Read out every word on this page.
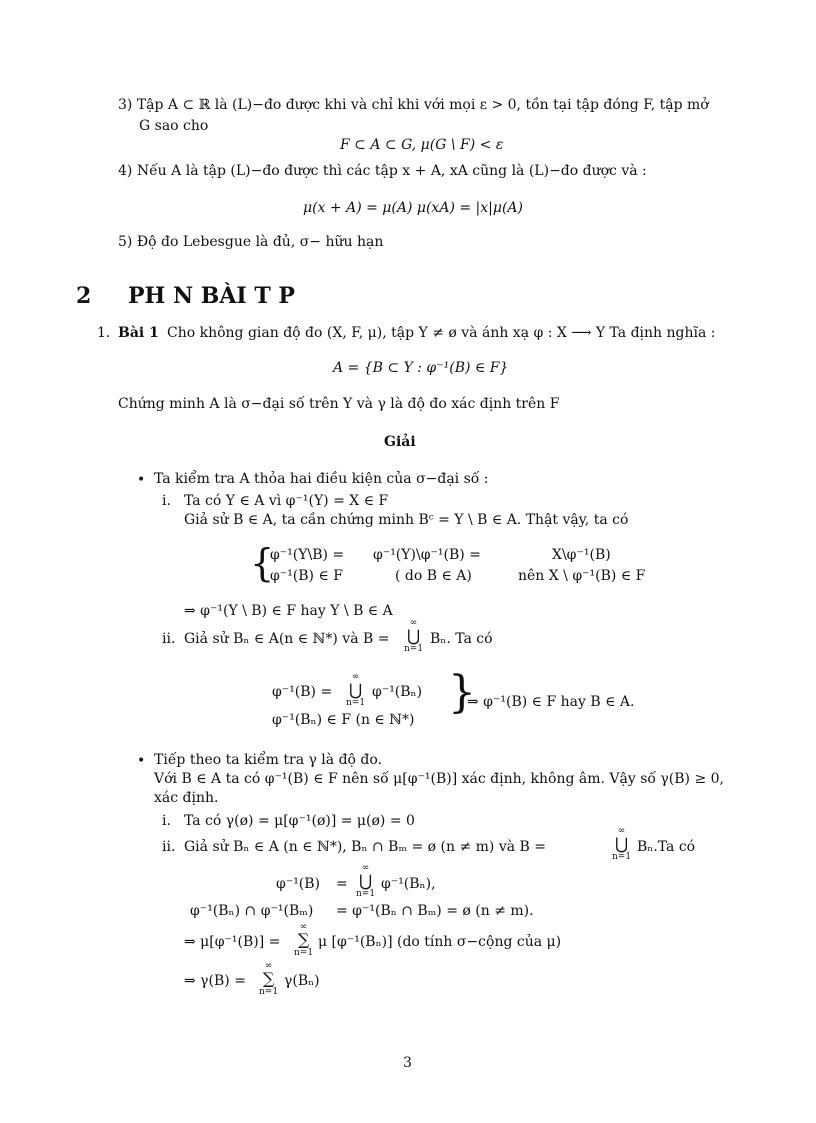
3) Tập A ⊂ ℝ là (L)−đo được khi và chỉ khi với mọi ε > 0, tồn tại tập đóng F, tập mở
G sao cho
F ⊂ A ⊂ G, μ(G \ F) < ε
4) Nếu A là tập (L)−đo được thì các tập x + A, xA cũng là (L)−đo được và :
μ(x + A) = μ(A) μ(xA) = |x|μ(A)
5) Độ đo Lebesgue là đủ, σ− hữu hạn
2 PH N BÀI T P
1. Bài 1 Cho không gian độ đo (X, F, μ), tập Y ≠ ø và ánh xạ φ : X ⟶ Y Ta định nghĩa :
A = {B ⊂ Y : φ⁻¹(B) ∈ F}
Chứng minh A là σ−đại số trên Y và γ là độ đo xác định trên F
Giải
• Ta kiểm tra A thỏa hai điều kiện của σ−đại số :
i. Ta có Y ∈ A vì φ⁻¹(Y) = X ∈ F
Giả sử B ∈ A, ta cần chứng minh Bᶜ = Y \ B ∈ A. Thật vậy, ta có
{
φ⁻¹(Y\B) = φ⁻¹(Y)\φ⁻¹(B) =	X\φ⁻¹(B)
φ⁻¹(B) ∈ F	( do B ∈ A)	nên X \ φ⁻¹(B) ∈ F
⇒ φ⁻¹(Y \ B) ∈ F hay Y \ B ∈ A
ii. Giả sử Bₙ ∈ A(n ∈ ℕ*) và B =
∞
⋃
n=1
Bₙ. Ta có
φ⁻¹(B) =
∞
⋃
n=1
φ⁻¹(Bₙ)
φ⁻¹(Bₙ) ∈ F (n ∈ ℕ*)
}
⇒ φ⁻¹(B) ∈ F hay B ∈ A.
• Tiếp theo ta kiểm tra γ là độ đo.
Với B ∈ A ta có φ⁻¹(B) ∈ F nên số μ[φ⁻¹(B)] xác định, không âm. Vậy số γ(B) ≥ 0,
xác định.
i. Ta có γ(ø) = μ[φ⁻¹(ø)] = μ(ø) = 0
ii. Giả sử Bₙ ∈ A (n ∈ ℕ*), Bₙ ∩ Bₘ = ø (n ≠ m) và B =
∞
⋃
n=1
Bₙ.Ta có
φ⁻¹(B) =
∞
⋃
n=1
φ⁻¹(Bₙ),
φ⁻¹(Bₙ) ∩ φ⁻¹(Bₘ) = φ⁻¹(Bₙ ∩ Bₘ) = ø (n ≠ m).
⇒ μ[φ⁻¹(B)] =
∞
∑
n=1
μ [φ⁻¹(Bₙ)] (do tính σ−cộng của μ)
⇒ γ(B) =
∞
∑
n=1
γ(Bₙ)
3
